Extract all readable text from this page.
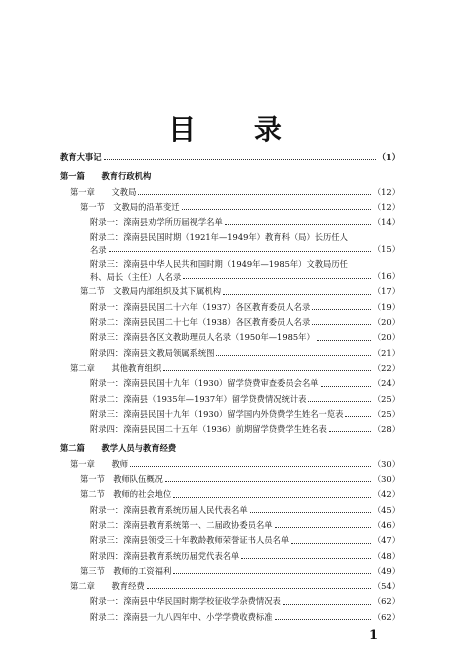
目 录
教育大事记	（1）
第一篇　　教育行政机构
第一章　　文教局	（12）
第一节　文教局的沿革变迁	（12）
附录一：滦南县劝学所历届视学名单	（14）
附录二：滦南县民国时期（1921年—1949年）教育科（局）长历任人名录	（15）
附录三：滦南县中华人民共和国时期（1949年—1985年）文教局历任科、局长（主任）人名录	（16）
第二节　文教局内部组织及其下属机构	（17）
附录一：滦南县民国二十六年（1937）各区教育委员人名录	（19）
附录二：滦南县民国二十七年（1938）各区教育委员人名录	（20）
附录三：滦南县各区文教助理员人名录（1950年—1985年）	（20）
附录四：滦南县文教局领属系统图	（21）
第二章　　其他教育组织	（22）
附录一：滦南县民国十九年（1930）留学贷费审查委员会名单	（24）
附录二：滦南县（1935年—1937年）留学贷费情况统计表	（25）
附录三：滦南县民国十九年（1930）留学国内外贷费学生姓名一览表	（25）
附录四：滦南县民国二十五年（1936）前期留学贷费学生姓名表	（28）
第二篇　　教学人员与教育经费
第一章　　教师	（30）
第一节　教师队伍概况	（30）
第二节　教师的社会地位	（42）
附录一：滦南县教育系统历届人民代表名单	（45）
附录二：滦南县教育系统第一、二届政协委员名单	（46）
附录三：滦南县领受三十年教龄教师荣誉证书人员名单	（47）
附录四：滦南县教育系统历届党代表名单	（48）
第三节　教师的工资福利	（49）
第二章　　教育经费	（54）
附录一：滦南县中华民国时期学校征收学杂费情况表	（62）
附录二：滦南县一九八四年中、小学学费收费标准	（62）
1
